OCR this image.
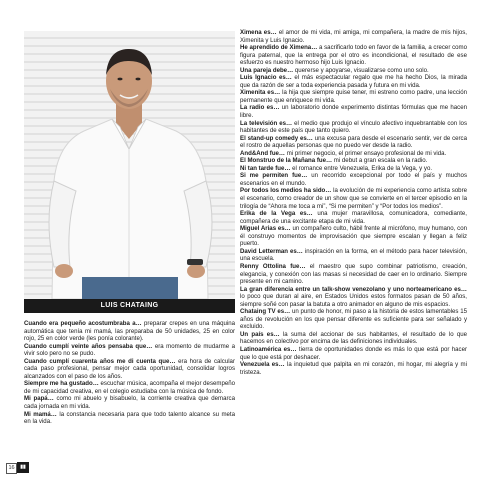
LUIS CHATAING

Cuando era pequeño acostumbraba a… preparar crepes en una máquina automática que tenía mi mamá, las preparaba de 50 unidades, 25 en color rojo, 25 en color verde (les ponía colorante).

Cuando cumplí veinte años pensaba que… era momento de mudarme a vivir solo pero no se pudo.

Cuando cumplí cuarenta años me di cuenta que… era hora de calcular cada paso profesional, pensar mejor cada oportunidad, consolidar logros alcanzados con el paso de los años.

Siempre me ha gustado… escuchar música, acompaña el mejor desempeño de mi capacidad creativa, en el colegio estudiaba con la música de fondo.

Mi papá… como mi abuelo y bisabuelo, la corriente creativa que demarca cada jornada en mi vida.

Mi mamá… la constancia necesaria para que todo talento alcance su meta en la vida.

Ximena es… el amor de mi vida, mi amiga, mi compañera, la madre de mis hijos, Ximenita y Luis Ignacio.

He aprendido de Ximena… a sacrificarlo todo en favor de la familia, a crecer como figura paternal, que la entrega por el otro es incondicional, el resultado de ese esfuerzo es nuestro hermoso hijo Luis Ignacio.

Una pareja debe… quererse y apoyarse, visualizarse como uno solo.

Luis Ignacio es… el más espectacular regalo que me ha hecho Dios, la mirada que da razón de ser a toda experiencia pasada y futura en mi vida.

Ximenita es… la hija que siempre quise tener, mi estreno como padre, una lección permanente que enriquece mi vida.

La radio es… un laboratorio donde experimento distintas fórmulas que me hacen libre.

La televisión es… el medio que produjo el vínculo afectivo inquebrantable con los habitantes de este país que tanto quiero.

El stand-up comedy es… una excusa para desde el escenario sentir, ver de cerca el rostro de aquellas personas que no puedo ver desde la radio.

And&And fue… mi primer negocio, el primer ensayo profesional de mi vida.

El Monstruo de la Mañana fue… mi debut a gran escala en la radio.

Ni tan tarde fue… el romance entre Venezuela, Erika de la Vega, y yo.

Si me permiten fue… un recorrido excepcional por todo el país y muchos escenarios en el mundo.

Por todos los medios ha sido… la evolución de mi experiencia como artista sobre el escenario, como creador de un show que se convierte en el tercer episodio en la trilogía de “Ahora me toca a mi”, “Si me permiten” y “Por todos los medios”.

Erika de la Vega es… una mujer maravillosa, comunicadora, comediante, compañera de una excitante etapa de mi vida.

Miguel Arias es… un compañero culto, hábil frente al micrófono, muy humano, con él construyo momentos de improvisación que siempre escalan y llegan a feliz puerto.

David Letterman es… inspiración en la forma, en el método para hacer televisión, una escuela.

Renny Ottolina fue… el maestro que supo combinar patriotismo, creación, elegancia, y conexión con las masas si necesidad de caer en lo ordinario. Siempre presente en mi camino.

La gran diferencia entre un talk-show venezolano y uno norteamericano es… lo poco que duran al aire, en Estados Unidos estos formatos pasan de 50 años, siempre soñé con pasar la batuta a otro animador en alguno de mis espacios.

Chataing TV es… un punto de honor, mi paso a la historia de estos lamentables 15 años de revolución en los que pensar diferente es suficiente para ser señalado y excluido.

Un país es… la suma del accionar de sus habitantes, el resultado de lo que hacemos en colectivo por encima de las definiciones individuales.

Latinoamérica es… tierra de oportunidades donde es más lo que está por hacer que lo que está por deshacer.

Venezuela es… la inquietud que palpita en mi corazón, mi hogar, mi alegría y mi tristeza.

16	▮▮
